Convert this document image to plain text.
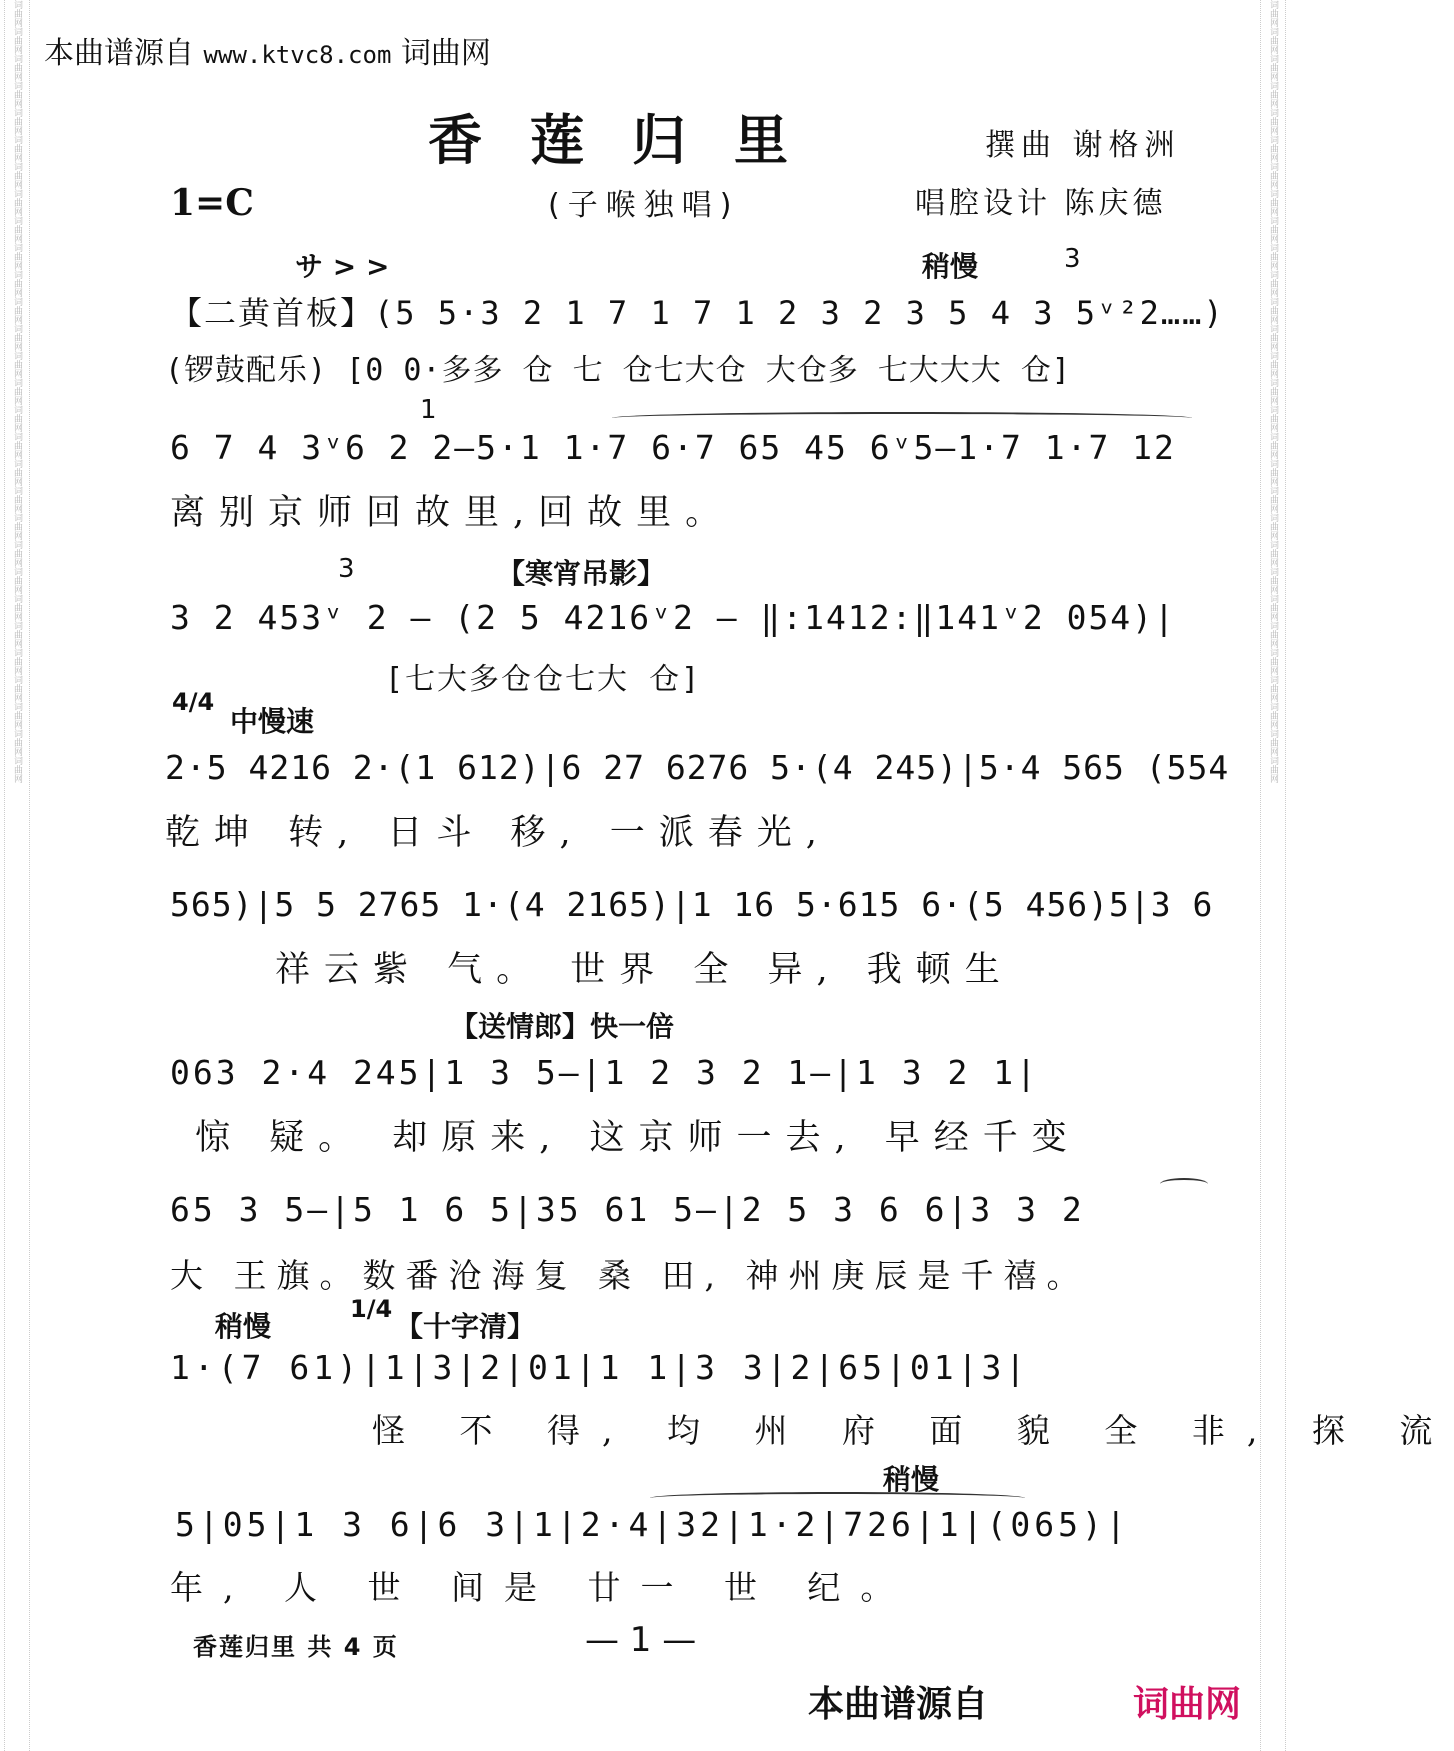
词曲网
词曲网
词曲网
词曲网
词曲网
词曲网
词曲网
词曲网
词曲网
词曲网
词曲网
词曲网
词曲网
词曲网
词曲网
词曲网
词曲网
词曲网
词曲网
词曲网
词曲网
词曲网
词曲网
词曲网
词曲网
词曲网
词曲网
词曲网
词曲网
词曲网
词曲网
词曲网
词曲网
词曲网
词曲网
词曲网
词曲网
词曲网
词曲网
词曲网
词曲网
词曲网
词曲网
词曲网
词曲网
词曲网
词曲网
词曲网
词曲网
词曲网
词曲网
词曲网
词曲网
词曲网
词曲网
词曲网
词曲网
词曲网
本曲谱源自 www.ktvc8.com 词曲网
香莲归里	撰曲 谢格洲
1=C	(子喉独唱)	唱腔设计 陈庆德
サ > >	稍慢	3
【二黄首板】(5 5·3 2 1 7 1 7 1 2 3 2 3 5 4 3 5ᵛ²2……)
(锣鼓配乐) [0 0·多多 仓 七 仓七大仓 大仓多 七大大大 仓]
1
6 7 4 3ᵛ6 2 2—5·1 1·7 6·7 65 45 6ᵛ5—1·7 1·7 12
离别京师回故里,回故里。
3	【寒宵吊影】
3 2 453ᵛ 2 — (2 5 4216ᵛ2 — ‖:1412:‖141ᵛ2 054)|
[七大多仓仓七大 仓]
4/4
中慢速
2·5 4216 2·(1 612)|6 27 6276 5·(4 245)|5·4 565 (554
乾坤 转, 日斗 移, 一派春光,
565)|5 5 2765 1·(4 2165)|1 16 5·615 6·(5 456)5|3 6
祥云紫 气。 世界 全 异, 我顿生
【送情郎】快一倍
063 2·4 245|1 3 5—|1 2 3 2 1—|1 3 2 1|
惊 疑。 却原来, 这京师一去, 早经千变
65 3 5—|5 1 6 5|35 61 5—|2 5 3 6 6|3 3 2
大 王旗。数番沧海复 桑 田, 神州庚辰是千禧。
稍慢
1/4
【十字清】
1·(7 61)|1|3|2|01|1 1|3 3|2|65|01|3|
怪 不 得, 均 州 府 面 貌 全 非, 探 流
稍慢
5|05|1 3 6|6 3|1|2·4|32|1·2|726|1|(065)|
年, 人 世 间是 廿一 世 纪。
香莲归里 共 4 页	— 1 —
本曲谱源自	词曲网
